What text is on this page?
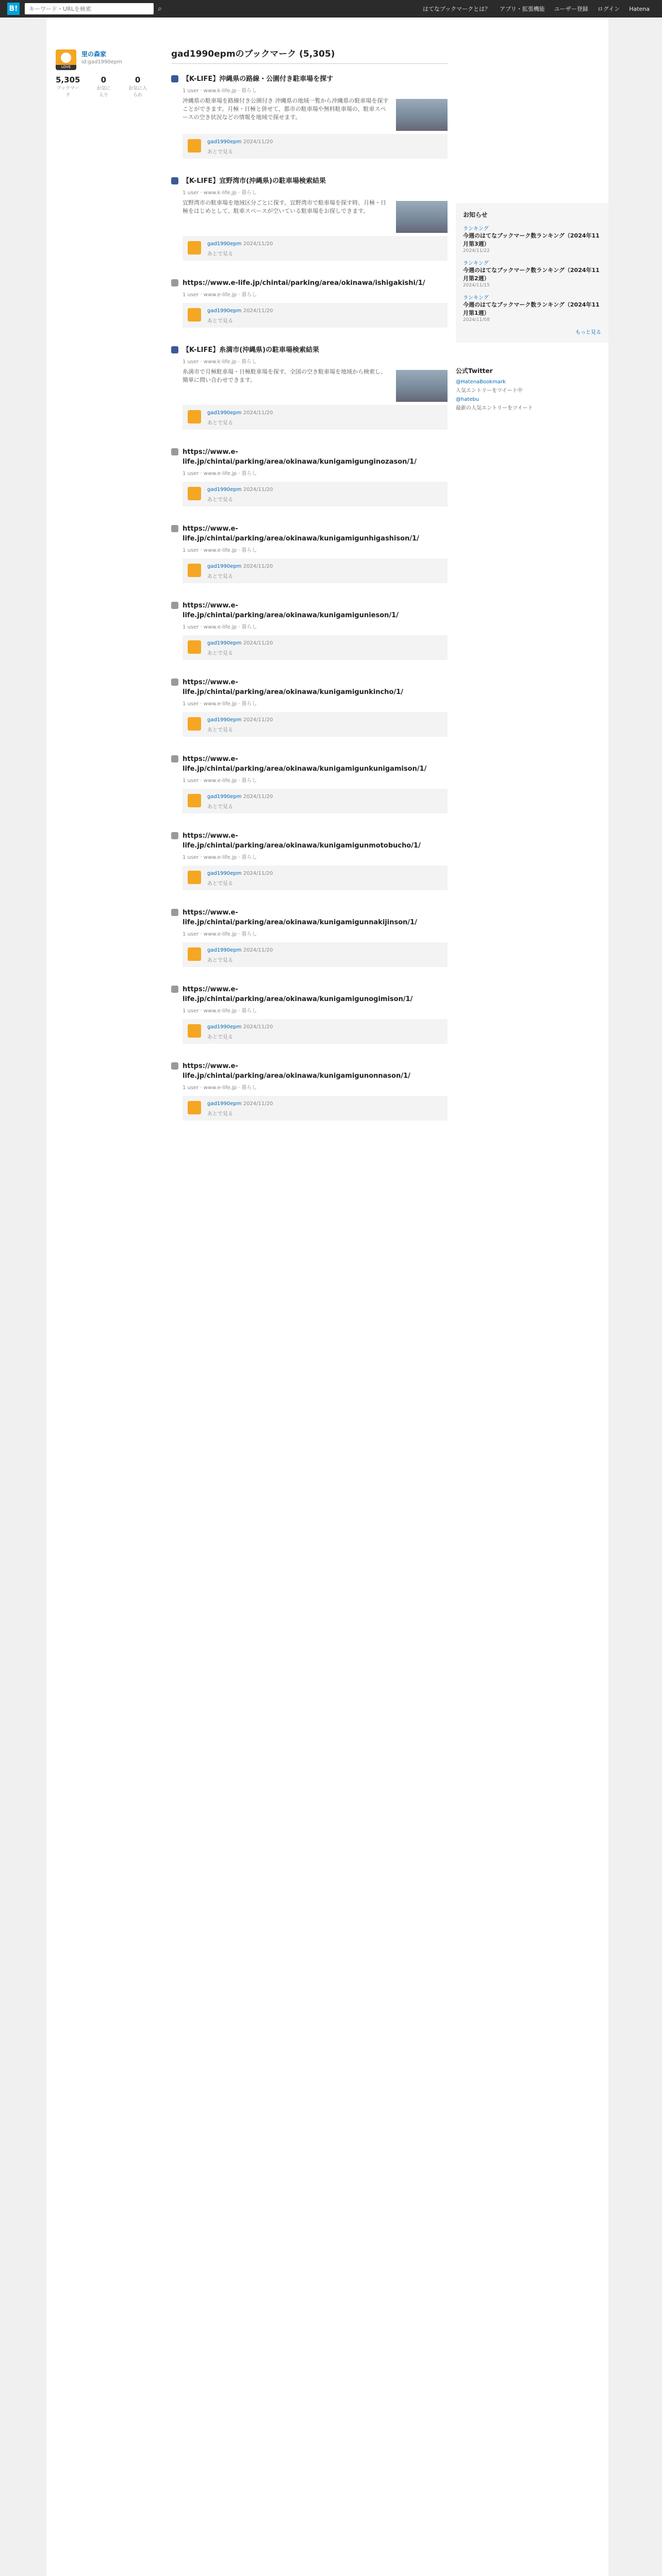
B!
キーワード・URLを検索	⌕	はてなブックマークとは？ アプリ・拡張機能 ユーザー登録 ログイン Hatena
LOVE
里の森家
id:gad1990epm
5,305
ブックマーク
0
お気に入り
0
お気に入られ
gad1990epmのブックマーク (5,305)
【K-LIFE】沖縄県の路線・公園付き駐車場を探す
1 user · www.k-life.jp · 暮らし
沖縄県の駐車場を路線付き公園付き 沖縄県の地域一覧から沖縄県の駐車場を探すことができます。月極・日極と併せて、都市の駐車場や無料駐車場の、駐車スペースの空き状況などの情報を地域で探せます。
gad1990epm 2024/11/20
あとで見る
【K-LIFE】宜野湾市(沖縄県)の駐車場検索結果
1 user · www.k-life.jp · 暮らし
宜野湾市の駐車場を地域区分ごとに探す。宜野湾市で駐車場を探す時、月極・日極をはじめとして、駐車スペースが空いている駐車場をお探しできます。
gad1990epm 2024/11/20
あとで見る
https://www.e-life.jp/chintai/parking/area/okinawa/ishigakishi/1/
1 user · www.e-life.jp · 暮らし
gad1990epm 2024/11/20
あとで見る
【K-LIFE】糸満市(沖縄県)の駐車場検索結果
1 user · www.k-life.jp · 暮らし
糸満市で月極駐車場・日極駐車場を探す。全国の空き駐車場を地域から検索し、簡単に問い合わせできます。
gad1990epm 2024/11/20
あとで見る
https://www.e-life.jp/chintai/parking/area/okinawa/kunigamigunginozason/1/
1 user · www.e-life.jp · 暮らし
gad1990epm 2024/11/20
あとで見る
https://www.e-life.jp/chintai/parking/area/okinawa/kunigamigunhigashison/1/
1 user · www.e-life.jp · 暮らし
gad1990epm 2024/11/20
あとで見る
https://www.e-life.jp/chintai/parking/area/okinawa/kunigamigunieson/1/
1 user · www.e-life.jp · 暮らし
gad1990epm 2024/11/20
あとで見る
https://www.e-life.jp/chintai/parking/area/okinawa/kunigamigunkincho/1/
1 user · www.e-life.jp · 暮らし
gad1990epm 2024/11/20
あとで見る
https://www.e-life.jp/chintai/parking/area/okinawa/kunigamigunkunigamison/1/
1 user · www.e-life.jp · 暮らし
gad1990epm 2024/11/20
あとで見る
https://www.e-life.jp/chintai/parking/area/okinawa/kunigamigunmotobucho/1/
1 user · www.e-life.jp · 暮らし
gad1990epm 2024/11/20
あとで見る
https://www.e-life.jp/chintai/parking/area/okinawa/kunigamigunnakijinson/1/
1 user · www.e-life.jp · 暮らし
gad1990epm 2024/11/20
あとで見る
https://www.e-life.jp/chintai/parking/area/okinawa/kunigamigunogimison/1/
1 user · www.e-life.jp · 暮らし
gad1990epm 2024/11/20
あとで見る
https://www.e-life.jp/chintai/parking/area/okinawa/kunigamigunonnason/1/
1 user · www.e-life.jp · 暮らし
gad1990epm 2024/11/20
あとで見る
お知らせ
ランキング
今週のはてなブックマーク数ランキング（2024年11月第3週）
2024/11/22
ランキング
今週のはてなブックマーク数ランキング（2024年11月第2週）
2024/11/15
ランキング
今週のはてなブックマーク数ランキング（2024年11月第1週）
2024/11/08
もっと見る
公式Twitter
@HatenaBookmark
人気エントリーをツイート中
@hatebu
最新の人気エントリーをツイート
